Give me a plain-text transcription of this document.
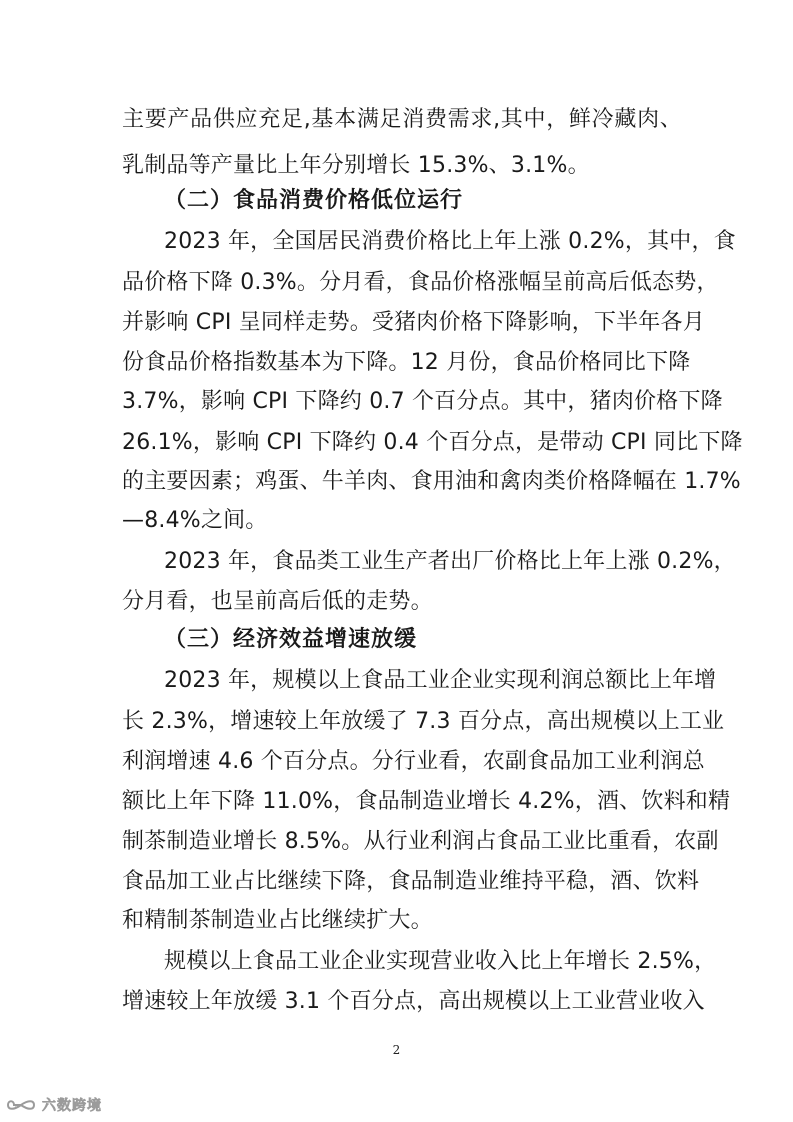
主要产品供应充足,基本满足消费需求,其中，鲜冷藏肉、
乳制品等产量比上年分别增长 15.3%、3.1%。
（二）食品消费价格低位运行
2023 年，全国居民消费价格比上年上涨 0.2%，其中，食
品价格下降 0.3%。分月看，食品价格涨幅呈前高后低态势，
并影响 CPI 呈同样走势。受猪肉价格下降影响，下半年各月
份食品价格指数基本为下降。12 月份，食品价格同比下降
3.7%，影响 CPI 下降约 0.7 个百分点。其中，猪肉价格下降
26.1%，影响 CPI 下降约 0.4 个百分点，是带动 CPI 同比下降
的主要因素；鸡蛋、牛羊肉、食用油和禽肉类价格降幅在 1.7%
—8.4%之间。
2023 年，食品类工业生产者出厂价格比上年上涨 0.2%，
分月看，也呈前高后低的走势。
（三）经济效益增速放缓
2023 年，规模以上食品工业企业实现利润总额比上年增
长 2.3%，增速较上年放缓了 7.3 百分点，高出规模以上工业
利润增速 4.6 个百分点。分行业看，农副食品加工业利润总
额比上年下降 11.0%，食品制造业增长 4.2%，酒、饮料和精
制茶制造业增长 8.5%。从行业利润占食品工业比重看，农副
食品加工业占比继续下降，食品制造业维持平稳，酒、饮料
和精制茶制造业占比继续扩大。
规模以上食品工业企业实现营业收入比上年增长 2.5%，
增速较上年放缓 3.1 个百分点，高出规模以上工业营业收入
2
c 六数跨境
